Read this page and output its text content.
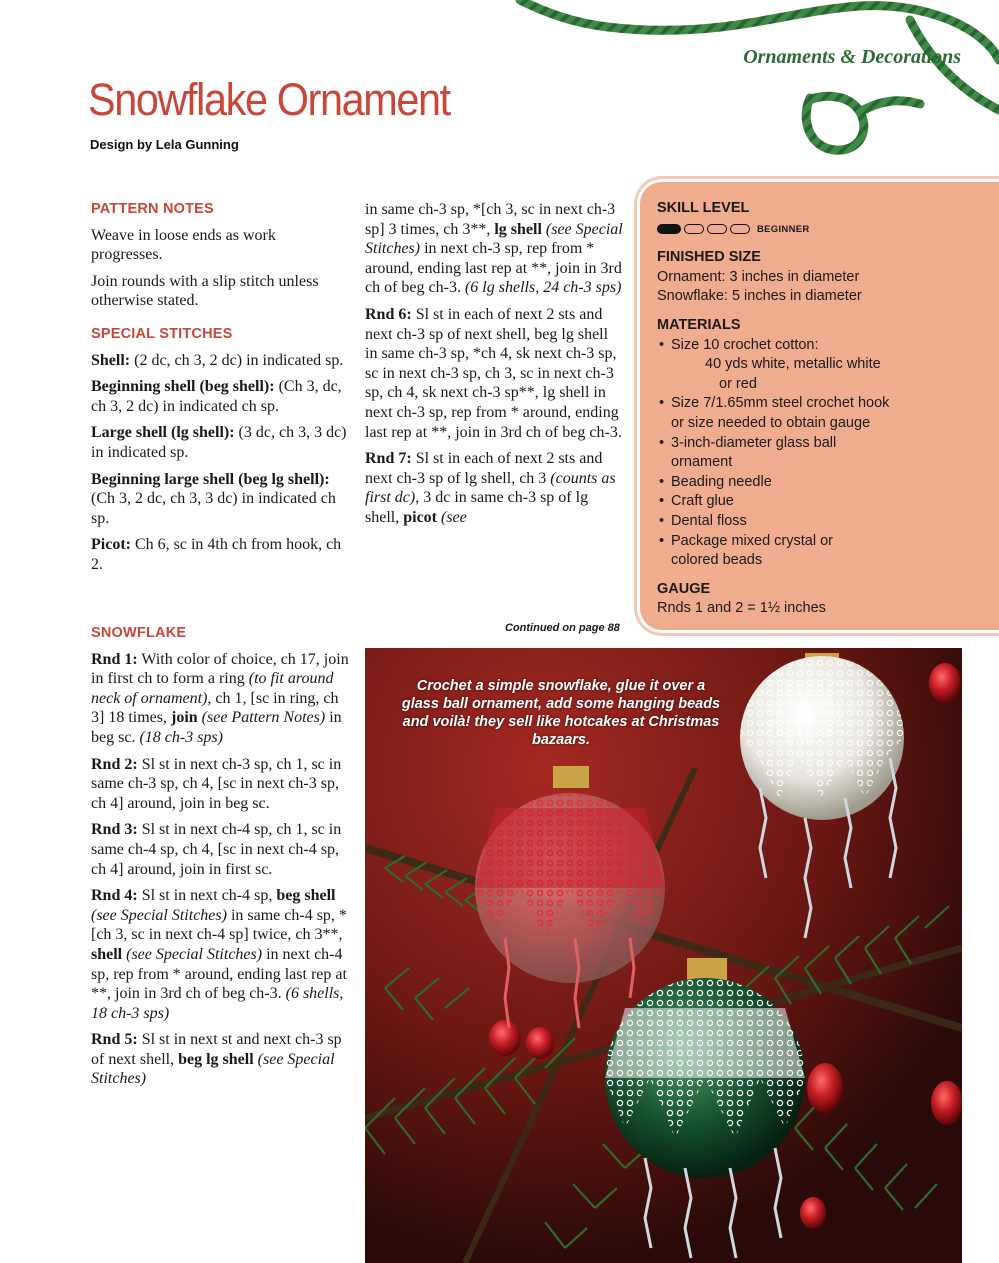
Ornaments & Decorations
Snowflake Ornament
Design by Lela Gunning
PATTERN NOTES

Weave in loose ends as work progresses.

Join rounds with a slip stitch unless otherwise stated.

SPECIAL STITCHES

Shell: (2 dc, ch 3, 2 dc) in indicated sp.

Beginning shell (beg shell): (Ch 3, dc, ch 3, 2 dc) in indicated ch sp.

Large shell (lg shell): (3 dc, ch 3, 3 dc) in indicated sp.

Beginning large shell (beg lg shell): (Ch 3, 2 dc, ch 3, 3 dc) in indicated ch sp.

Picot: Ch 6, sc in 4th ch from hook, ch 2.

SNOWFLAKE

Rnd 1: With color of choice, ch 17, join in first ch to form a ring (to fit around neck of ornament), ch 1, [sc in ring, ch 3] 18 times, join (see Pattern Notes) in beg sc. (18 ch-3 sps)

Rnd 2: Sl st in next ch-3 sp, ch 1, sc in same ch-3 sp, ch 4, [sc in next ch-3 sp, ch 4] around, join in beg sc.

Rnd 3: Sl st in next ch-4 sp, ch 1, sc in same ch-4 sp, ch 4, [sc in next ch-4 sp, ch 4] around, join in first sc.

Rnd 4: Sl st in next ch-4 sp, beg shell (see Special Stitches) in same ch-4 sp, *[ch 3, sc in next ch-4 sp] twice, ch 3**, shell (see Special Stitches) in next ch-4 sp, rep from * around, ending last rep at **, join in 3rd ch of beg ch-3. (6 shells, 18 ch-3 sps)

Rnd 5: Sl st in next st and next ch-3 sp of next shell, beg lg shell (see Special Stitches)

in same ch-3 sp, *[ch 3, sc in next ch-3 sp] 3 times, ch 3**, lg shell (see Special Stitches) in next ch-3 sp, rep from * around, ending last rep at **, join in 3rd ch of beg ch-3. (6 lg shells, 24 ch-3 sps)

Rnd 6: Sl st in each of next 2 sts and next ch-3 sp of next shell, beg lg shell in same ch-3 sp, *ch 4, sk next ch-3 sp, sc in next ch-3 sp, ch 3, sc in next ch-3 sp, ch 4, sk next ch-3 sp**, lg shell in next ch-3 sp, rep from * around, ending last rep at **, join in 3rd ch of beg ch-3.

Rnd 7: Sl st in each of next 2 sts and next ch-3 sp of lg shell, ch 3 (counts as first dc), 3 dc in same ch-3 sp of lg shell, picot (see

Continued on page 88
SKILL LEVEL
BEGINNER
FINISHED SIZE
Ornament: 3 inches in diameter
Snowflake: 5 inches in diameter
MATERIALS
• Size 10 crochet cotton:
40 yds white, metallic white
or red
• Size 7/1.65mm steel crochet hook
or size needed to obtain gauge
• 3-inch-diameter glass ball
ornament
• Beading needle
• Craft glue
• Dental floss
• Package mixed crystal or
colored beads
GAUGE
Rnds 1 and 2 = 1½ inches
Crochet a simple snowflake, glue it over a glass ball ornament, add some hanging beads and voilà! they sell like hotcakes at Christmas bazaars.
